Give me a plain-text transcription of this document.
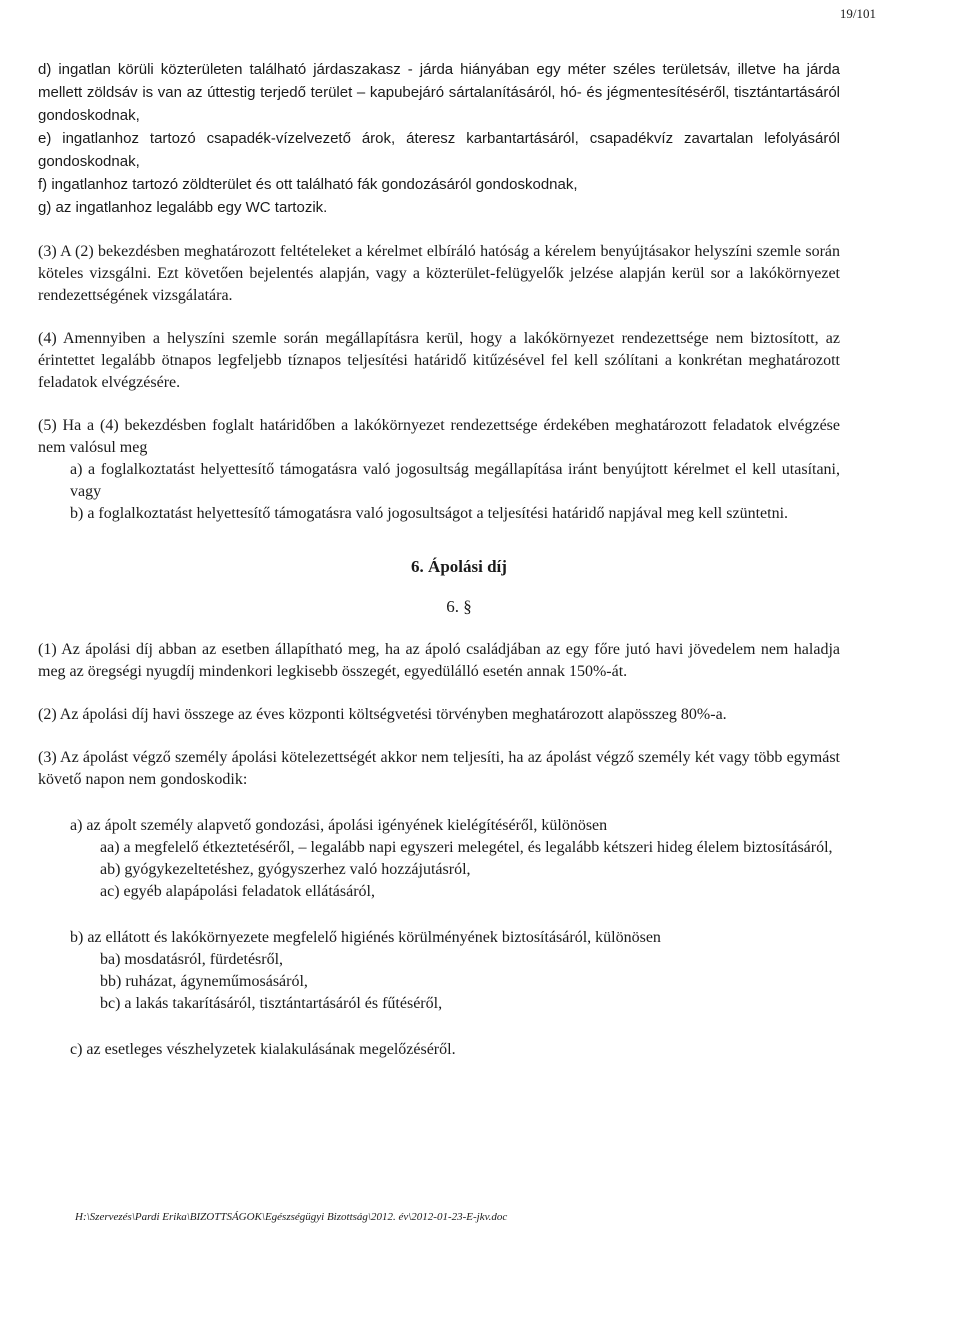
19/101

d) ingatlan körüli közterületen található járdaszakasz - járda hiányában egy méter széles területsáv, illetve ha járda mellett zöldsáv is van az úttestig terjedő terület – kapubejáró sártalanításáról, hó- és jégmentesítéséről, tisztántartásáról gondoskodnak,

e) ingatlanhoz tartozó csapadék-vízelvezető árok, áteresz karbantartásáról, csapadékvíz zavartalan lefolyásáról gondoskodnak,

f) ingatlanhoz tartozó zöldterület és ott található fák gondozásáról gondoskodnak,

g) az ingatlanhoz legalább egy WC tartozik.

(3) A (2) bekezdésben meghatározott feltételeket a kérelmet elbíráló hatóság a kérelem benyújtásakor helyszíni szemle során köteles vizsgálni. Ezt követően bejelentés alapján, vagy a közterület-felügyelők jelzése alapján kerül sor a lakókörnyezet rendezettségének vizsgálatára.

(4) Amennyiben a helyszíni szemle során megállapításra kerül, hogy a lakókörnyezet rendezettsége nem biztosított, az érintettet legalább ötnapos legfeljebb tíznapos teljesítési határidő kitűzésével fel kell szólítani a konkrétan meghatározott feladatok elvégzésére.

(5) Ha a (4) bekezdésben foglalt határidőben a lakókörnyezet rendezettsége érdekében meghatározott feladatok elvégzése nem valósul meg

a) a foglalkoztatást helyettesítő támogatásra való jogosultság megállapítása iránt benyújtott kérelmet el kell utasítani, vagy

b) a foglalkoztatást helyettesítő támogatásra való jogosultságot a teljesítési határidő napjával meg kell szüntetni.

6. Ápolási díj

6. §

(1) Az ápolási díj abban az esetben állapítható meg, ha az ápoló családjában az egy főre jutó havi jövedelem nem haladja meg az öregségi nyugdíj mindenkori legkisebb összegét, egyedülálló esetén annak 150%-át.

(2) Az ápolási díj havi összege az éves központi költségvetési törvényben meghatározott alapösszeg 80%-a.

(3) Az ápolást végző személy ápolási kötelezettségét akkor nem teljesíti, ha az ápolást végző személy két vagy több egymást követő napon nem gondoskodik:

a) az ápolt személy alapvető gondozási, ápolási igényének kielégítéséről, különösen

aa) a megfelelő étkeztetéséről, – legalább napi egyszeri melegétel, és legalább kétszeri hideg élelem biztosításáról,

ab) gyógykezeltetéshez, gyógyszerhez való hozzájutásról,

ac) egyéb alapápolási feladatok ellátásáról,

b) az ellátott és lakókörnyezete megfelelő higiénés körülményének biztosításáról, különösen

ba) mosdatásról, fürdetésről,

bb) ruházat, ágyneműmosásáról,

bc) a lakás takarításáról, tisztántartásáról és fűtéséről,

c) az esetleges vészhelyzetek kialakulásának megelőzéséről.

H:\Szervezés\Pardi Erika\BIZOTTSÁGOK\Egészségügyi Bizottság\2012. év\2012-01-23-E-jkv.doc
